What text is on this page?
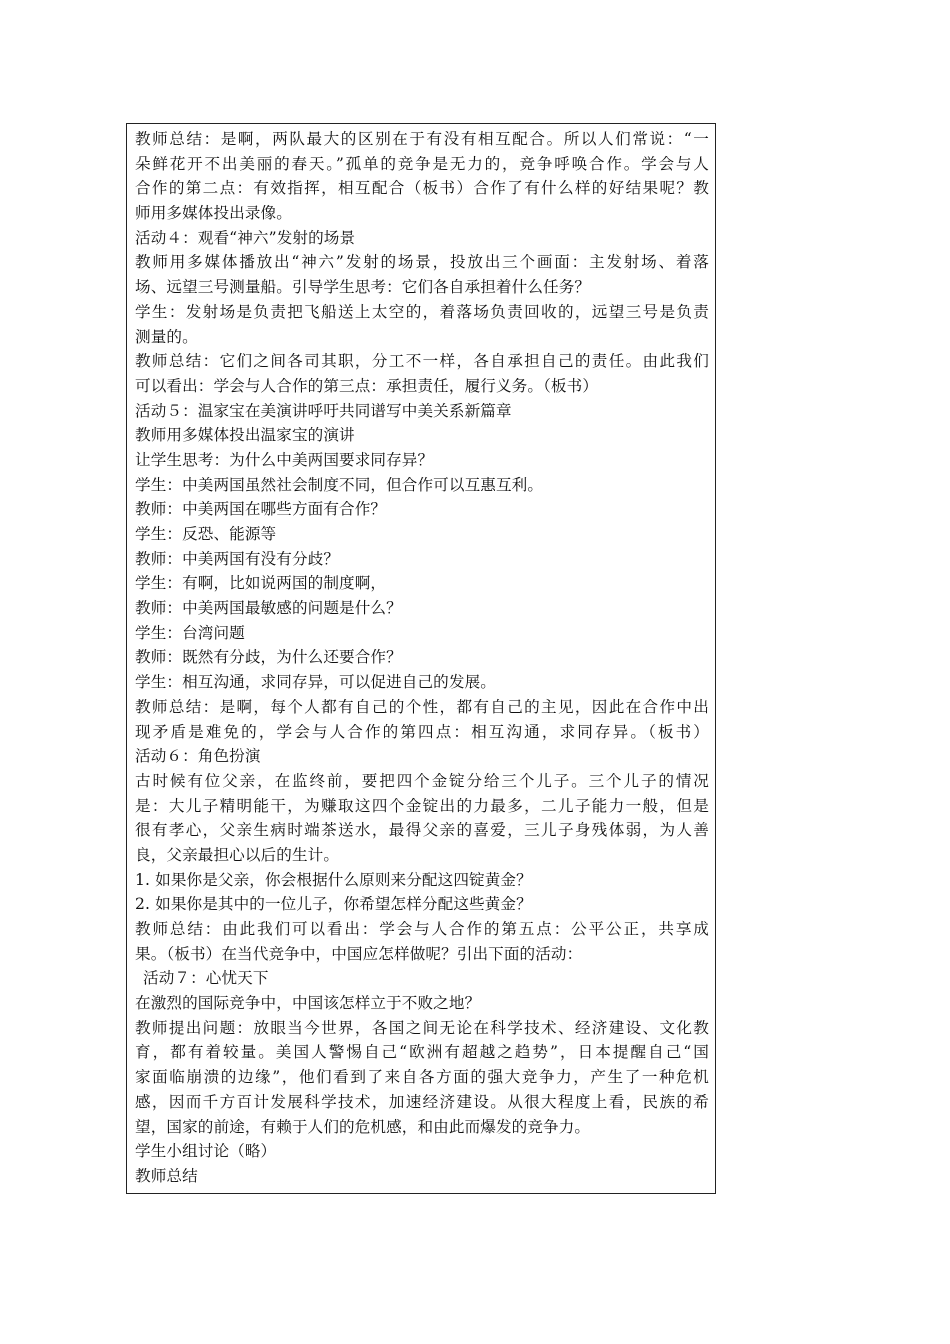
教师总结：是啊，两队最大的区别在于有没有相互配合。所以人们常说：“一
朵鲜花开不出美丽的春天。”孤单的竞争是无力的，竞争呼唤合作。学会与人
合作的第二点：有效指挥，相互配合（板书）合作了有什么样的好结果呢？教
师用多媒体投出录像。
活动４：观看“神六”发射的场景
教师用多媒体播放出“神六”发射的场景，投放出三个画面：主发射场、着落
场、远望三号测量船。引导学生思考：它们各自承担着什么任务？
学生：发射场是负责把飞船送上太空的，着落场负责回收的，远望三号是负责
测量的。
教师总结：它们之间各司其职，分工不一样，各自承担自己的责任。由此我们
可以看出：学会与人合作的第三点：承担责任，履行义务。（板书）
活动５：温家宝在美演讲呼吁共同谱写中美关系新篇章
教师用多媒体投出温家宝的演讲
让学生思考：为什么中美两国要求同存异？
学生：中美两国虽然社会制度不同，但合作可以互惠互利。
教师：中美两国在哪些方面有合作？
学生：反恐、能源等
教师：中美两国有没有分歧？
学生：有啊，比如说两国的制度啊，
教师：中美两国最敏感的问题是什么？
学生：台湾问题
教师：既然有分歧，为什么还要合作？
学生：相互沟通，求同存异，可以促进自己的发展。
教师总结：是啊，每个人都有自己的个性，都有自己的主见，因此在合作中出
现矛盾是难免的，学会与人合作的第四点：相互沟通，求同存异。（板书）
活动６：角色扮演
古时候有位父亲，在监终前，要把四个金锭分给三个儿子。三个儿子的情况
是：大儿子精明能干，为赚取这四个金锭出的力最多，二儿子能力一般，但是
很有孝心，父亲生病时端茶送水，最得父亲的喜爱，三儿子身残体弱，为人善
良，父亲最担心以后的生计。
1. 如果你是父亲，你会根据什么原则来分配这四锭黄金？
2. 如果你是其中的一位儿子，你希望怎样分配这些黄金？
教师总结：由此我们可以看出：学会与人合作的第五点：公平公正，共享成
果。（板书）在当代竞争中，中国应怎样做呢？引出下面的活动：
活动７：心忧天下
在激烈的国际竞争中，中国该怎样立于不败之地？
教师提出问题：放眼当今世界，各国之间无论在科学技术、经济建设、文化教
育，都有着较量。美国人警惕自己“欧洲有超越之趋势”，日本提醒自己“国
家面临崩溃的边缘”，他们看到了来自各方面的强大竞争力，产生了一种危机
感，因而千方百计发展科学技术，加速经济建设。从很大程度上看，民族的希
望，国家的前途，有赖于人们的危机感，和由此而爆发的竞争力。
学生小组讨论（略）
教师总结
